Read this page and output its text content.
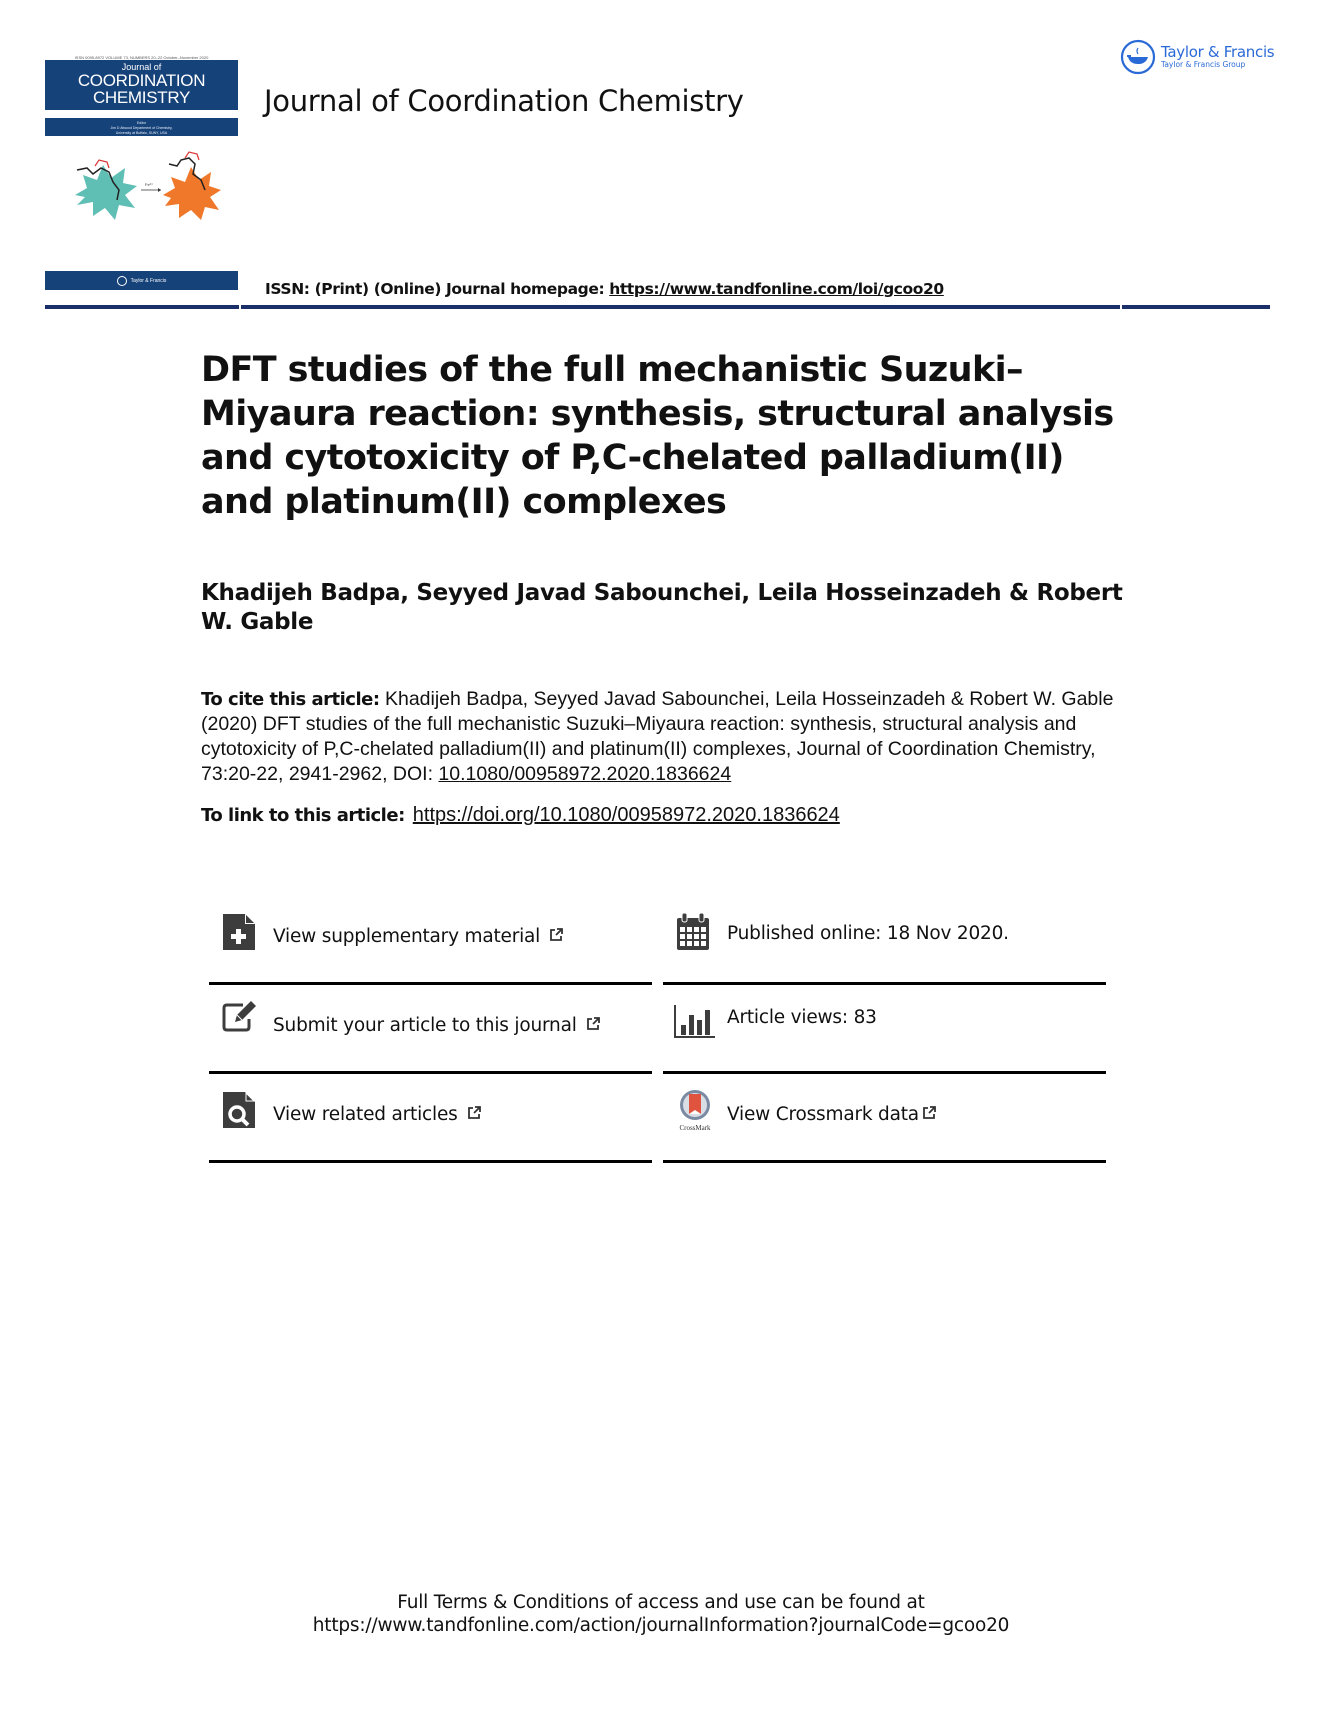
ISSN 0095-8972 VOLUME 73, NUMBERS 20–22 October–November 2020
Journal of
COORDINATION
CHEMISTRY
Editor
Jim D Atwood Department of Chemistry,
University at Buffalo, SUNY, USA
Fe³⁺
Taylor & Francis
Journal of Coordination Chemistry
Taylor & Francis
Taylor & Francis Group
ISSN: (Print) (Online) Journal homepage: https://www.tandfonline.com/loi/gcoo20
DFT studies of the full mechanistic Suzuki–Miyaura reaction: synthesis, structural analysis and cytotoxicity of P,C-chelated palladium(II) and platinum(II) complexes
Khadijeh Badpa, Seyyed Javad Sabounchei, Leila Hosseinzadeh & Robert W. Gable
To cite this article: Khadijeh Badpa, Seyyed Javad Sabounchei, Leila Hosseinzadeh & Robert W. Gable (2020) DFT studies of the full mechanistic Suzuki–Miyaura reaction: synthesis, structural analysis and cytotoxicity of P,C-chelated palladium(II) and platinum(II) complexes, Journal of Coordination Chemistry, 73:20-22, 2941-2962, DOI: 10.1080/00958972.2020.1836624
To link to this article: https://doi.org/10.1080/00958972.2020.1836624
View supplementary material	Published online: 18 Nov 2020.
Submit your article to this journal	Article views: 83
View related articles
CrossMark
View Crossmark data
Full Terms & Conditions of access and use can be found at
https://www.tandfonline.com/action/journalInformation?journalCode=gcoo20
